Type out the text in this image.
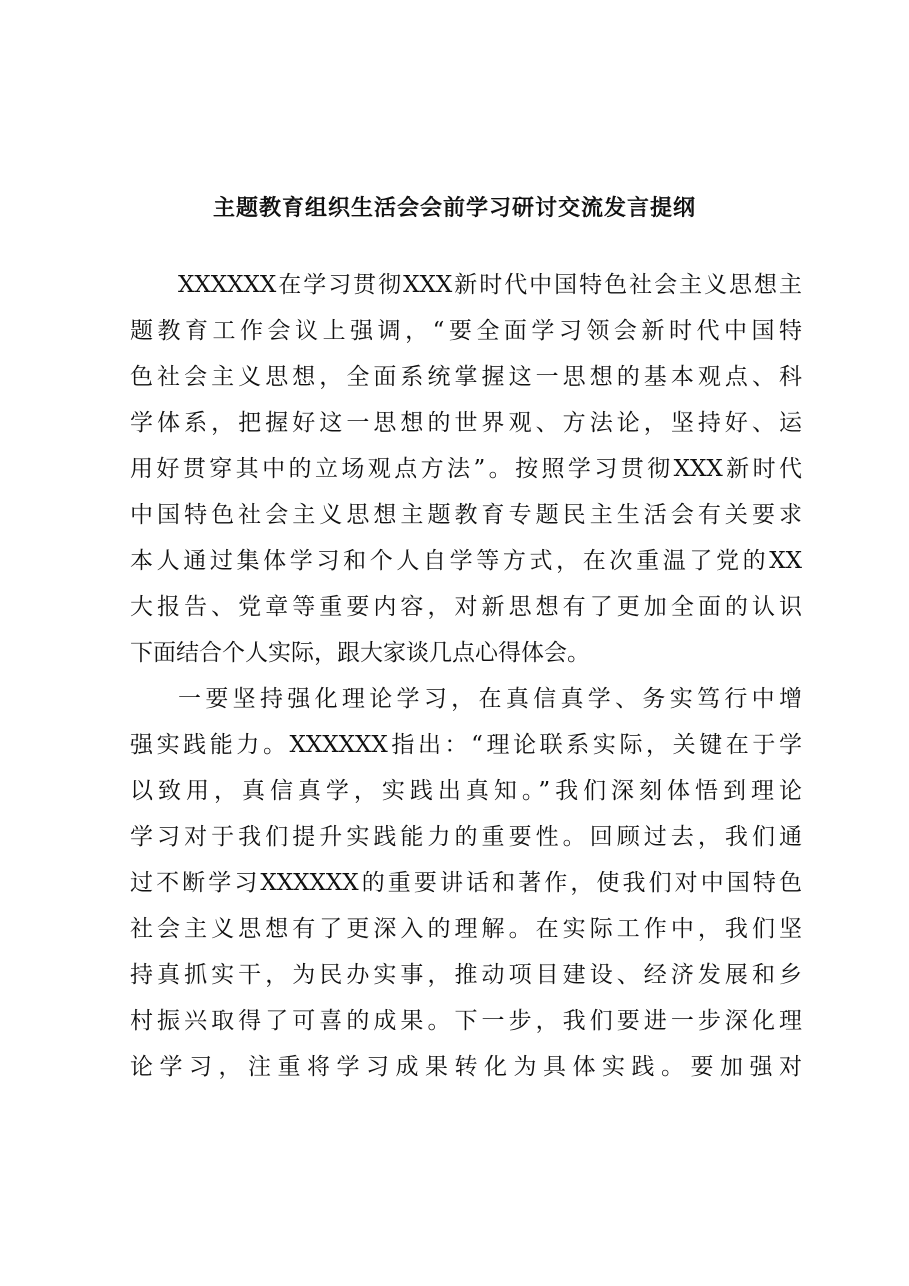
主题教育组织生活会会前学习研讨交流发言提纲
XXXXXX在学习贯彻XXX新时代中国特色社会主义思想主
题教育工作会议上强调，“要全面学习领会新时代中国特
色社会主义思想，全面系统掌握这一思想的基本观点、科
学体系，把握好这一思想的世界观、方法论，坚持好、运
用好贯穿其中的立场观点方法”。按照学习贯彻XXX新时代
中国特色社会主义思想主题教育专题民主生活会有关要求
本人通过集体学习和个人自学等方式，在次重温了党的XX
大报告、党章等重要内容，对新思想有了更加全面的认识
下面结合个人实际，跟大家谈几点心得体会。
一要坚持强化理论学习，在真信真学、务实笃行中增
强实践能力。XXXXXX指出：“理论联系实际，关键在于学
以致用，真信真学，实践出真知。”我们深刻体悟到理论
学习对于我们提升实践能力的重要性。回顾过去，我们通
过不断学习XXXXXX的重要讲话和著作，使我们对中国特色
社会主义思想有了更深入的理解。在实际工作中，我们坚
持真抓实干，为民办实事，推动项目建设、经济发展和乡
村振兴取得了可喜的成果。下一步，我们要进一步深化理
论学习，注重将学习成果转化为具体实践。要加强对
